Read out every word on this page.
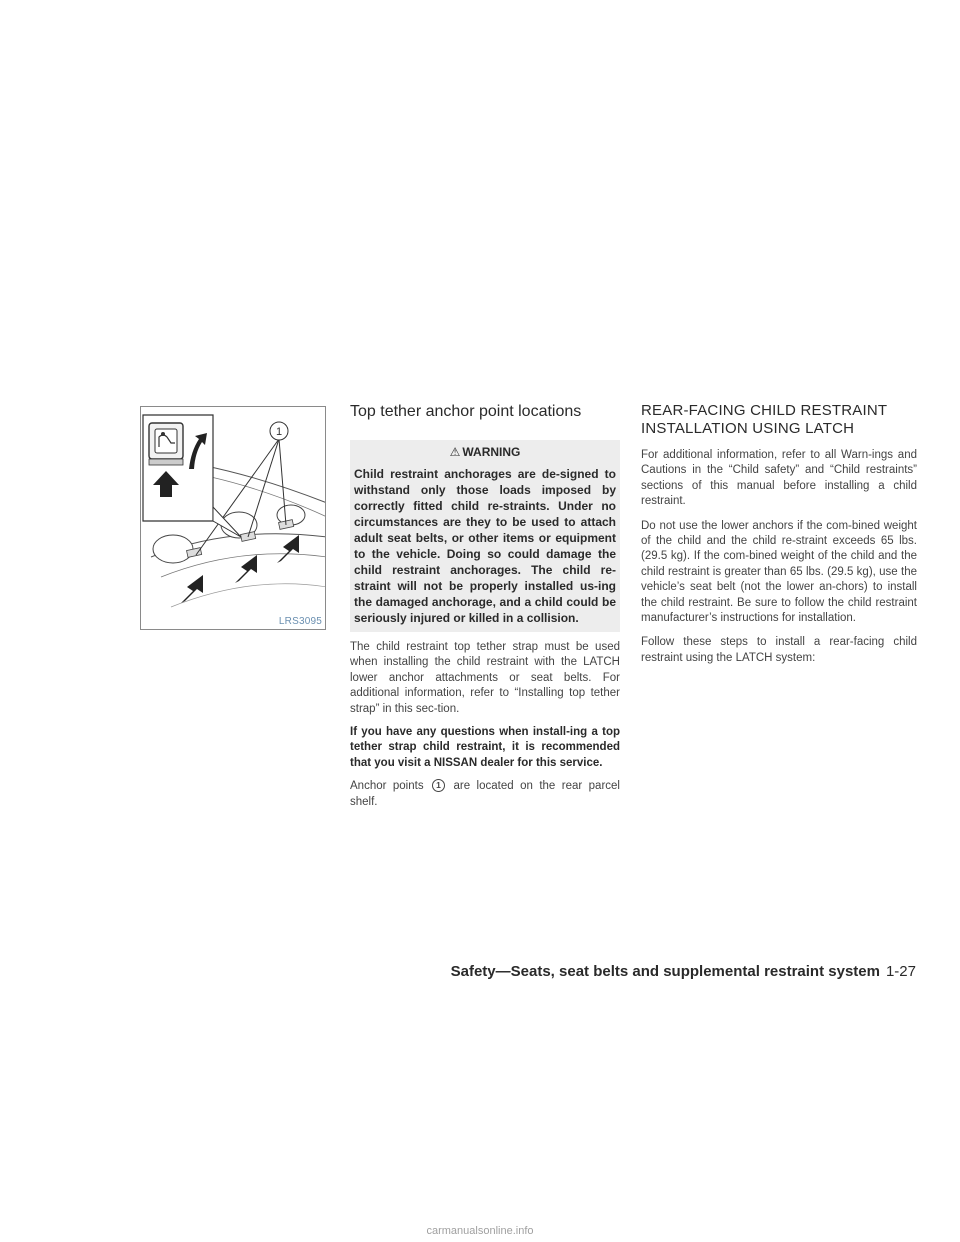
1
LRS3095
Top tether anchor point locations
⚠ WARNING

Child restraint anchorages are de-signed to withstand only those loads imposed by correctly fitted child re-straints. Under no circumstances are they to be used to attach adult seat belts, or other items or equipment to the vehicle. Doing so could damage the child restraint anchorages. The child re-straint will not be properly installed us-ing the damaged anchorage, and a child could be seriously injured or killed in a collision.

The child restraint top tether strap must be used when installing the child restraint with the LATCH lower anchor attachments or seat belts. For additional information, refer to “Installing top tether strap” in this sec-tion.

If you have any questions when install-ing a top tether strap child restraint, it is recommended that you visit a NISSAN dealer for this service.

Anchor points 1 are located on the rear parcel shelf.

REAR-FACING CHILD RESTRAINT
INSTALLATION USING LATCH

For additional information, refer to all Warn-ings and Cautions in the “Child safety” and “Child restraints” sections of this manual before installing a child restraint.

Do not use the lower anchors if the com-bined weight of the child and the child re-straint exceeds 65 lbs. (29.5 kg). If the com-bined weight of the child and the child restraint is greater than 65 lbs. (29.5 kg), use the vehicle’s seat belt (not the lower an-chors) to install the child restraint. Be sure to follow the child restraint manufacturer’s instructions for installation.

Follow these steps to install a rear-facing child restraint using the LATCH system:

Safety—Seats, seat belts and supplemental restraint system 1-27
carmanualsonline.info
